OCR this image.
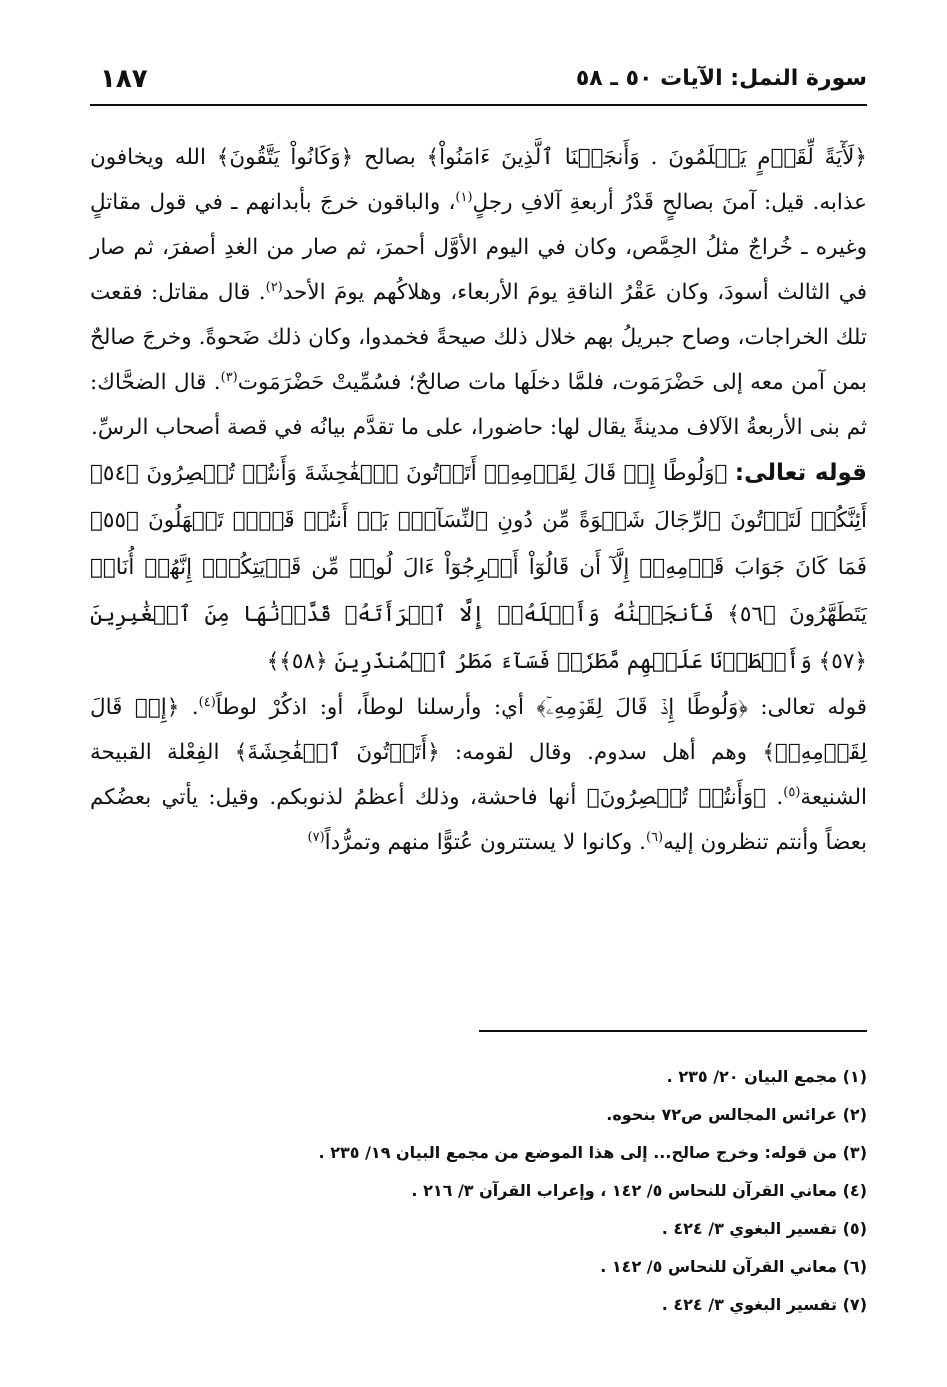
سورة النمل: الآيات ٥٠ ـ ٥٨
١٨٧

﴿لَأٓيَةً لِّقَوۡمٍ يَعۡلَمُونَ . وَأَنجَيۡنَا ٱلَّذِينَ ءَامَنُواْ﴾ بصالح ﴿وَكَانُواْ يَتَّقُونَ﴾ الله ويخافون عذابه. قيل: آمنَ بصالحٍ قَدْرُ أربعةِ آلافِ رجلٍ$^{(١)}$، والباقون خرجَ بأبدانهم ـ في قول مقاتلٍ وغيره ـ خُراجٌ مثلُ الحِمَّص، وكان في اليوم الأوَّل أحمرَ، ثم صار من الغدِ أصفرَ، ثم صار في الثالث أسودَ، وكان عَقْرُ الناقةِ يومَ الأربعاء، وهلاكُهم يومَ الأحد$^{(٢)}$. قال مقاتل: فقعت تلك الخراجات، وصاح جبريلُ بهم خلال ذلك صيحةً فخمدوا، وكان ذلك ضَحوةً. وخرجَ صالحٌ بمن آمن معه إلى حَضْرَمَوت، فلمَّا دخلَها مات صالحٌ؛ فسُمِّيتْ حَضْرَمَوت$^{(٣)}$. قال الضحَّاك: ثم بنى الأربعةُ الآلاف مدينةً يقال لها: حاضورا، على ما تقدَّم بيانُه في قصة أصحاب الرسِّ.

قوله تعالى: ﴿وَلُوطًا إِذۡ قَالَ لِقَوۡمِهِۦٓ أَتَأۡتُونَ ٱلۡفَٰحِشَةَ وَأَنتُمۡ تُبۡصِرُونَ ﴿٥٤﴾ أَئِنَّكُمۡ لَتَأۡتُونَ ٱلرِّجَالَ شَهۡوَةً مِّن دُونِ ٱلنِّسَآءِۚ بَلۡ أَنتُمۡ قَوۡمٞ تَجۡهَلُونَ ﴿٥٥﴾ فَمَا كَانَ جَوَابَ قَوۡمِهِۦٓ إِلَّآ أَن قَالُوٓاْ أَخۡرِجُوٓاْ ءَالَ لُوطٖ مِّن قَرۡيَتِكُمۡۖ إِنَّهُمۡ أُنَاسٞ يَتَطَهَّرُونَ ﴿٥٦﴾ فَأَنجَيۡنَٰهُ وَأَهۡلَهُۥٓ إِلَّا ٱمۡرَأَتَهُۥ قَدَّرۡنَٰهَا مِنَ ٱلۡغَٰبِرِينَ ﴿٥٧﴾ وَأَمۡطَرۡنَا عَلَيۡهِم مَّطَرٗاۖ فَسَآءَ مَطَرُ ٱلۡمُنذَرِينَ ﴿٥٨﴾﴾

قوله تعالى: ﴿وَلُوطًا إِذۡ قَالَ لِقَوۡمِهِۦٓ﴾ أي: وأرسلنا لوطاً، أو: اذكُرْ لوطاً$^{(٤)}$. ﴿إِذۡ قَالَ لِقَوۡمِهِۦٓ﴾ وهم أهل سدوم. وقال لقومه: ﴿أَتَأۡتُونَ ٱلۡفَٰحِشَةَ﴾ الفِعْلة القبيحة الشنيعة$^{(٥)}$. ﴿وَأَنتُمۡ تُبۡصِرُونَ﴾ أنها فاحشة، وذلك أعظمُ لذنوبكم. وقيل: يأتي بعضُكم بعضاً وأنتم تنظرون إليه$^{(٦)}$. وكانوا لا يستترون عُتوًّا منهم وتمرُّداً$^{(٧)}$

(١) مجمع البيان ٢٠/ ٢٣٥ .
(٢) عرائس المجالس ص٧٢ بنحوه.
(٣) من قوله: وخرج صالح... إلى هذا الموضع من مجمع البيان ١٩/ ٢٣٥ .
(٤) معاني القرآن للنحاس ٥/ ١٤٢ ، وإعراب القرآن ٣/ ٢١٦ .
(٥) تفسير البغوي ٣/ ٤٢٤ .
(٦) معاني القرآن للنحاس ٥/ ١٤٢ .
(٧) تفسير البغوي ٣/ ٤٢٤ .
